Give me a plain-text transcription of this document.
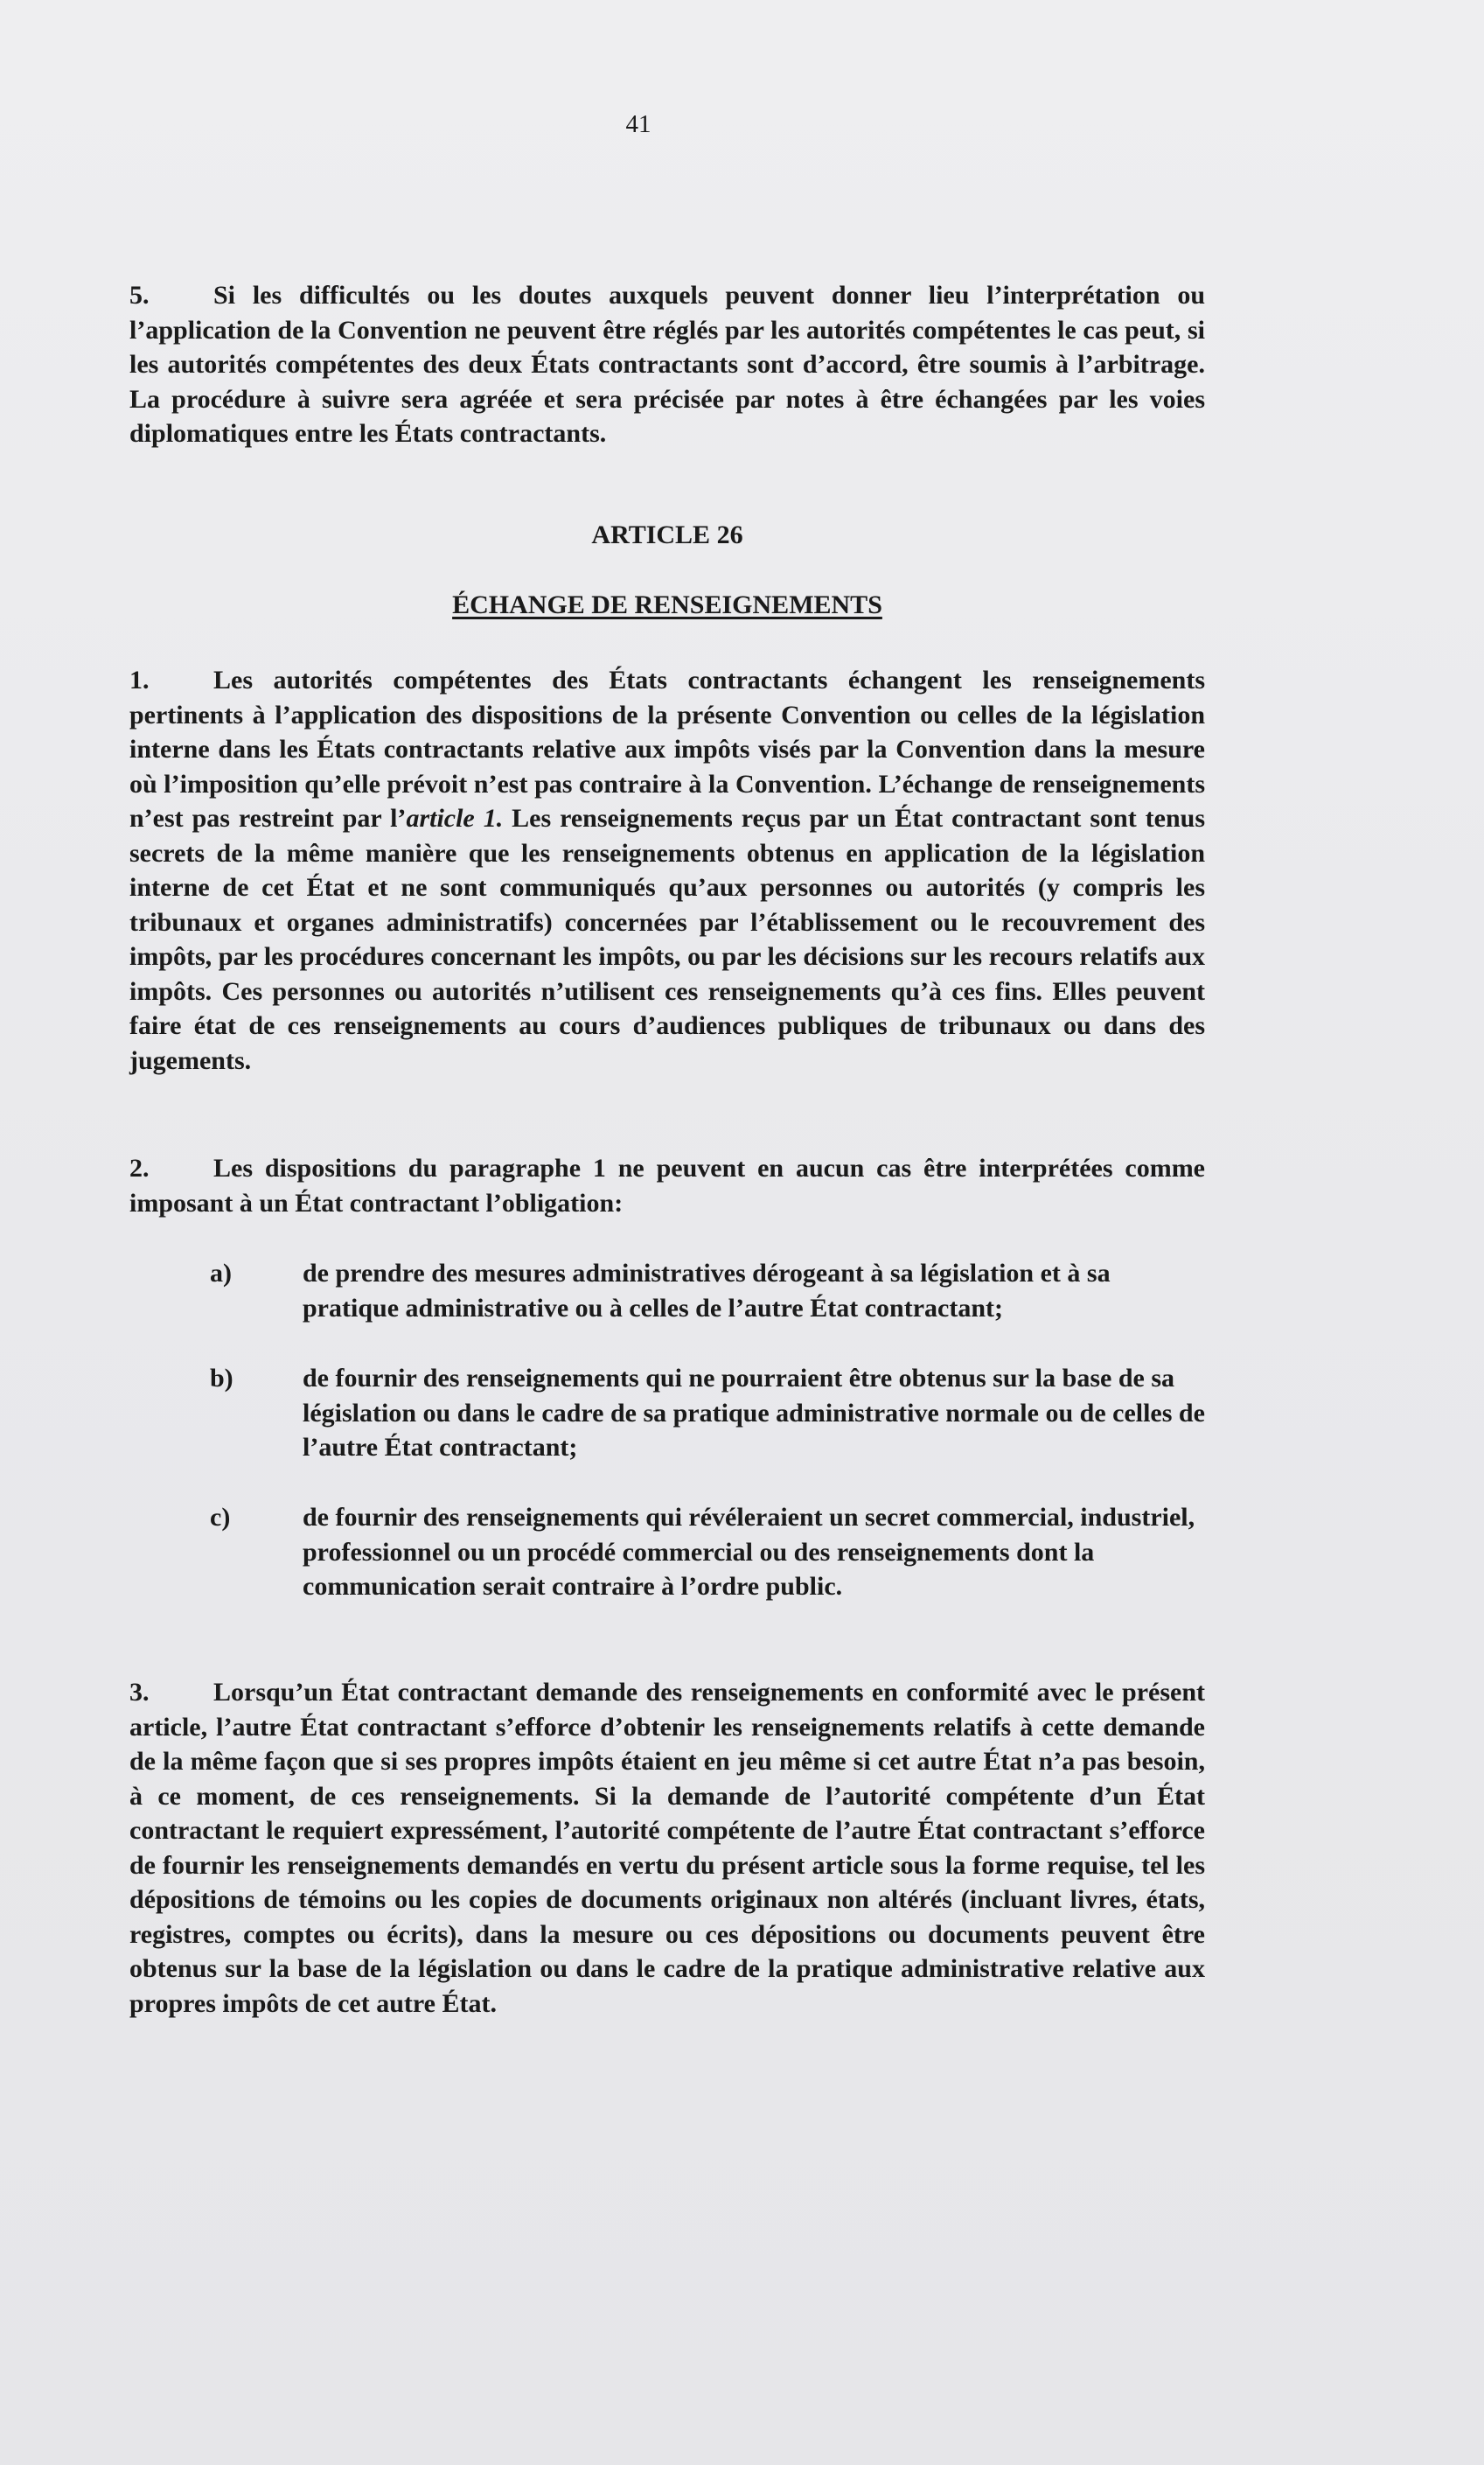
41
5. Si les difficultés ou les doutes auxquels peuvent donner lieu l’interprétation ou l’application de la Convention ne peuvent être réglés par les autorités compétentes le cas peut, si les autorités compétentes des deux États contractants sont d’accord, être soumis à l’arbitrage. La procédure à suivre sera agréée et sera précisée par notes à être échangées par les voies diplomatiques entre les États contractants.
ARTICLE 26
ÉCHANGE DE RENSEIGNEMENTS
1. Les autorités compétentes des États contractants échangent les renseignements pertinents à l’application des dispositions de la présente Convention ou celles de la législation interne dans les États contractants relative aux impôts visés par la Convention dans la mesure où l’imposition qu’elle prévoit n’est pas contraire à la Convention. L’échange de renseignements n’est pas restreint par l’article 1. Les renseignements reçus par un État contractant sont tenus secrets de la même manière que les renseignements obtenus en application de la législation interne de cet État et ne sont communiqués qu’aux personnes ou autorités (y compris les tribunaux et organes administratifs) concernées par l’établissement ou le recouvrement des impôts, par les procédures concernant les impôts, ou par les décisions sur les recours relatifs aux impôts. Ces personnes ou autorités n’utilisent ces renseignements qu’à ces fins. Elles peuvent faire état de ces renseignements au cours d’audiences publiques de tribunaux ou dans des jugements.
2. Les dispositions du paragraphe 1 ne peuvent en aucun cas être interprétées comme imposant à un État contractant l’obligation:
a)	de prendre des mesures administratives dérogeant à sa législation et à sa pratique administrative ou à celles de l’autre État contractant;
b)	de fournir des renseignements qui ne pourraient être obtenus sur la base de sa législation ou dans le cadre de sa pratique administrative normale ou de celles de l’autre État contractant;
c)	de fournir des renseignements qui révéleraient un secret commercial, industriel, professionnel ou un procédé commercial ou des renseignements dont la communication serait contraire à l’ordre public.
3. Lorsqu’un État contractant demande des renseignements en conformité avec le présent article, l’autre État contractant s’efforce d’obtenir les renseignements relatifs à cette demande de la même façon que si ses propres impôts étaient en jeu même si cet autre État n’a pas besoin, à ce moment, de ces renseignements. Si la demande de l’autorité compétente d’un État contractant le requiert expressément, l’autorité compétente de l’autre État contractant s’efforce de fournir les renseignements demandés en vertu du présent article sous la forme requise, tel les dépositions de témoins ou les copies de documents originaux non altérés (incluant livres, états, registres, comptes ou écrits), dans la mesure ou ces dépositions ou documents peuvent être obtenus sur la base de la législation ou dans le cadre de la pratique administrative relative aux propres impôts de cet autre État.
